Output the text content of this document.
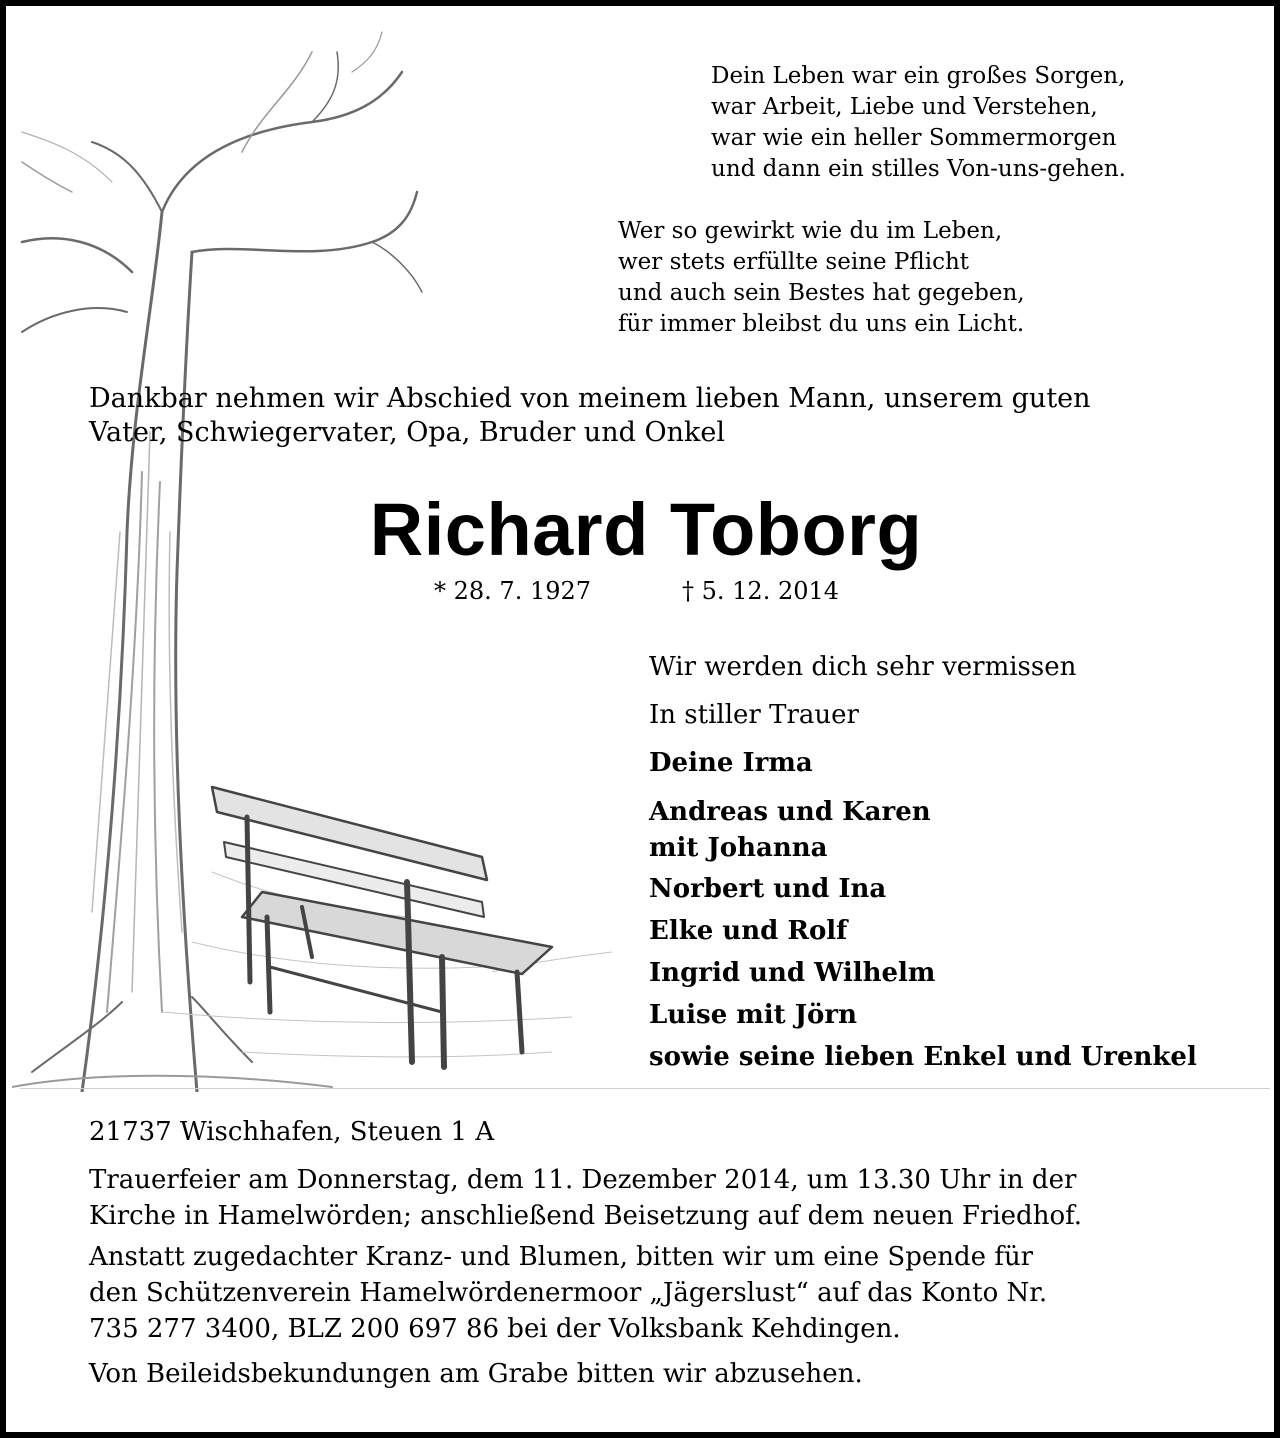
Dein Leben war ein großes Sorgen,
war Arbeit, Liebe und Verstehen,
war wie ein heller Sommermorgen
und dann ein stilles Von-uns-gehen.
Wer so gewirkt wie du im Leben,
wer stets erfüllte seine Pflicht
und auch sein Bestes hat gegeben,
für immer bleibst du uns ein Licht.
Dankbar nehmen wir Abschied von meinem lieben Mann, unserem guten
Vater, Schwiegervater, Opa, Bruder und Onkel
Richard Toborg
* 28. 7. 1927	† 5. 12. 2014
Wir werden dich sehr vermissen
In stiller Trauer
Deine Irma
Andreas und Karen
mit Johanna
Norbert und Ina
Elke und Rolf
Ingrid und Wilhelm
Luise mit Jörn
sowie seine lieben Enkel und Urenkel
21737 Wischhafen, Steuen 1 A
Trauerfeier am Donnerstag, dem 11. Dezember 2014, um 13.30 Uhr in der
Kirche in Hamelwörden; anschließend Beisetzung auf dem neuen Friedhof.
Anstatt zugedachter Kranz- und Blumen, bitten wir um eine Spende für
den Schützenverein Hamelwördenermoor „Jägerslust“ auf das Konto Nr.
735 277 3400, BLZ 200 697 86 bei der Volksbank Kehdingen.
Von Beileidsbekundungen am Grabe bitten wir abzusehen.
